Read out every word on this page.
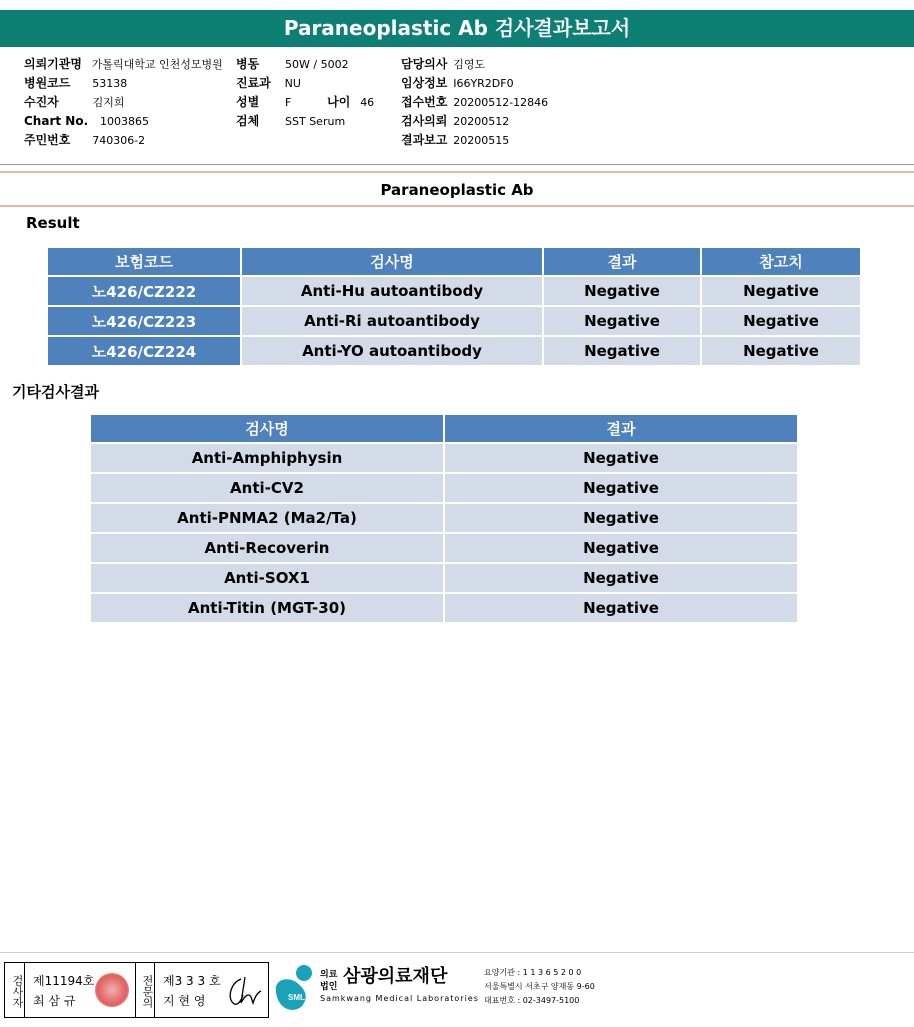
Paraneoplastic Ab 검사결과보고서
의뢰기관명 가톨릭대학교 인천성모병원
병원코드 53138
수진자	김지희
Chart No. 1003865
주민번호 740306-2
병동 50W / 5002
진료과 NU
성별 F	나이 46
검체 SST Serum
담당의사 김영도
임상정보 I66YR2DF0
접수번호 20200512-12846
검사의뢰 20200512
결과보고 20200515
Paraneoplastic Ab
Result
보험코드	검사명	결과	참고치
노426/CZ222	Anti-Hu autoantibody	Negative	Negative
노426/CZ223	Anti-Ri autoantibody	Negative	Negative
노426/CZ224	Anti-YO autoantibody	Negative	Negative
기타검사결과
검사명	결과
Anti-Amphiphysin	Negative
Anti-CV2	Negative
Anti-PNMA2 (Ma2/Ta)	Negative
Anti-Recoverin	Negative
Anti-SOX1	Negative
Anti-Titin (MGT-30)	Negative
검사자 제11194호
최 삼 규	전문의 제3 3 3 호
지 현 영	SML
의료
법인 삼광의료재단
Samkwang Medical Laboratories
요양기관 : 1 1 3 6 5 2 0 0
서울특별시 서초구 양재동 9-60
대표번호 : 02-3497-5100
